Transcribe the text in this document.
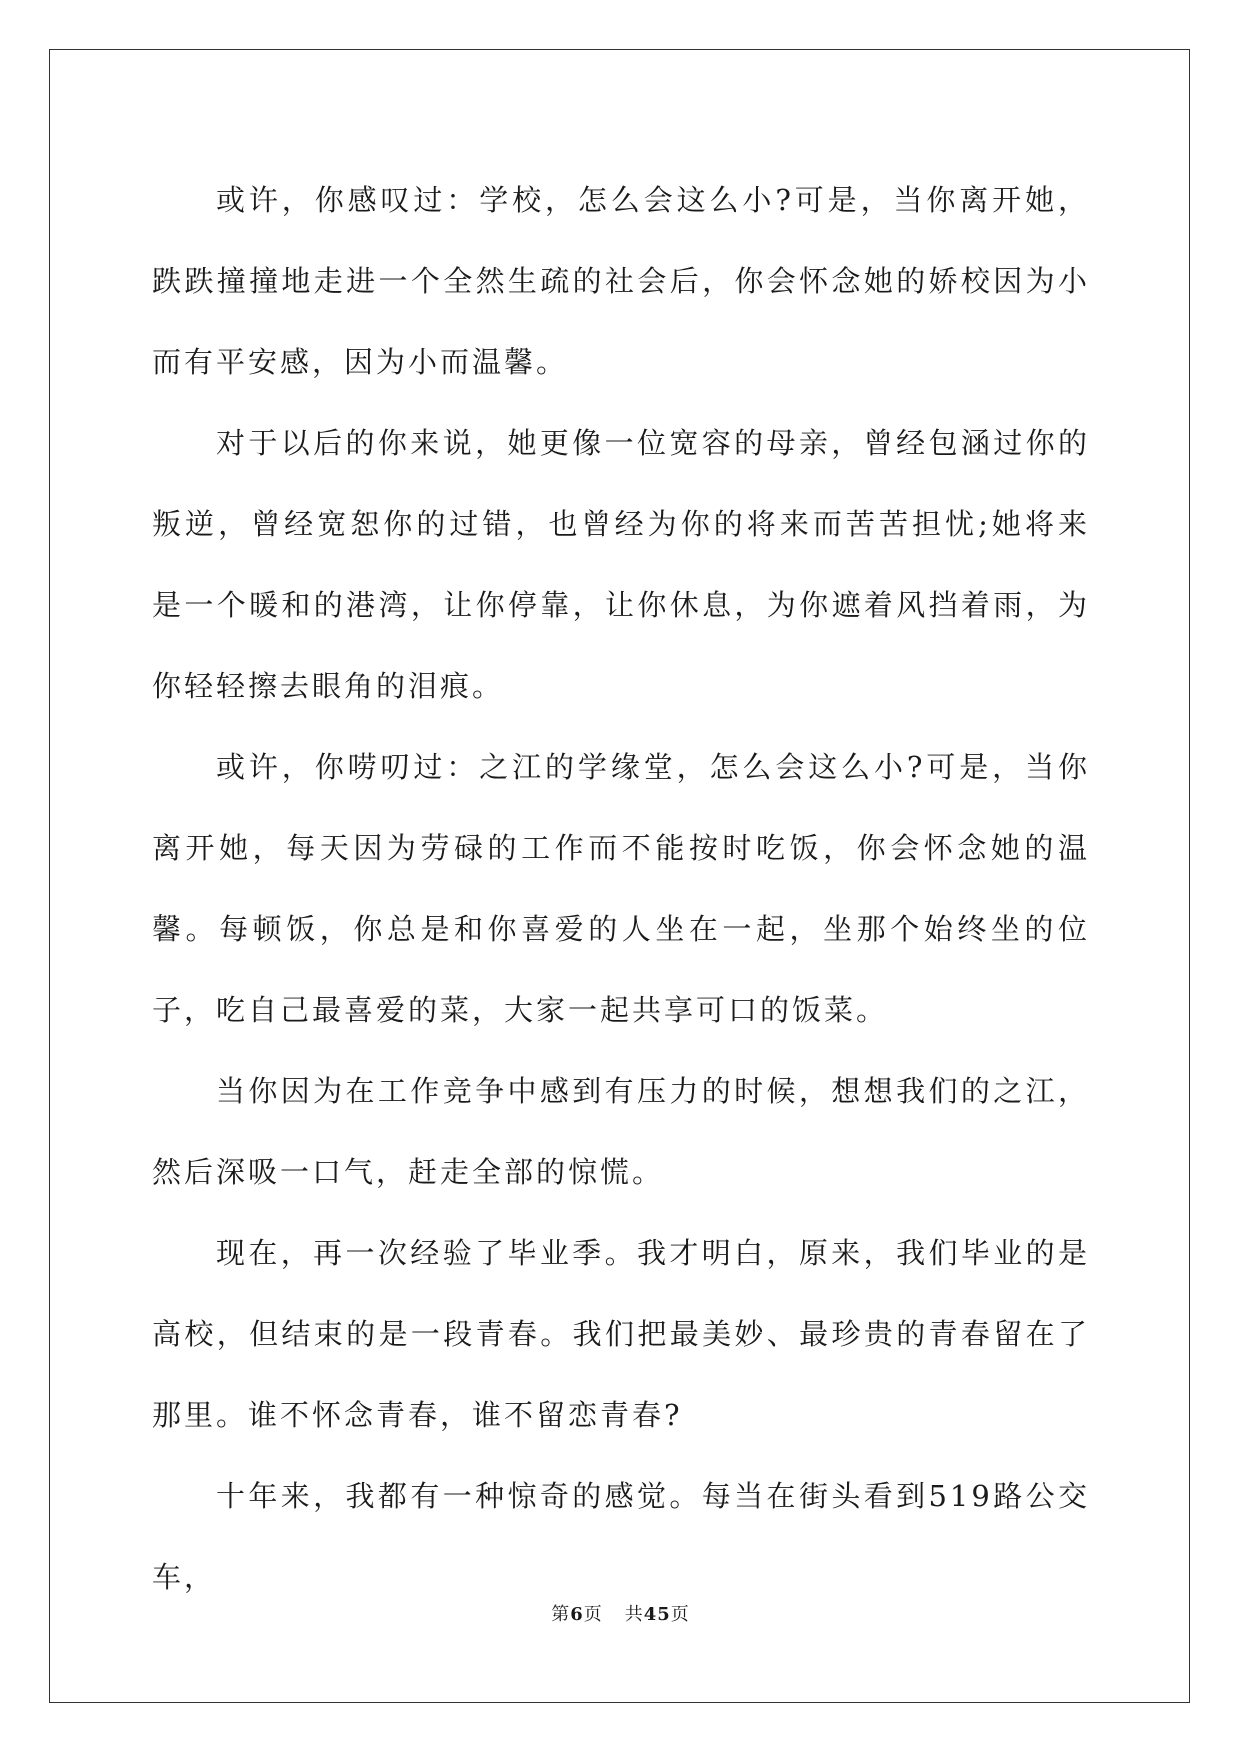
或许，你感叹过：学校，怎么会这么小?可是，当你离开她，跌跌撞撞地走进一个全然生疏的社会后，你会怀念她的娇校因为小而有平安感，因为小而温馨。

对于以后的你来说，她更像一位宽容的母亲，曾经包涵过你的叛逆，曾经宽恕你的过错，也曾经为你的将来而苦苦担忧;她将来是一个暖和的港湾，让你停靠，让你休息，为你遮着风挡着雨，为你轻轻擦去眼角的泪痕。

或许，你唠叨过：之江的学缘堂，怎么会这么小?可是，当你离开她，每天因为劳碌的工作而不能按时吃饭，你会怀念她的温馨。每顿饭，你总是和你喜爱的人坐在一起，坐那个始终坐的位子，吃自己最喜爱的菜，大家一起共享可口的饭菜。

当你因为在工作竞争中感到有压力的时候，想想我们的之江，然后深吸一口气，赶走全部的惊慌。

现在，再一次经验了毕业季。我才明白，原来，我们毕业的是高校，但结束的是一段青春。我们把最美妙、最珍贵的青春留在了那里。谁不怀念青春，谁不留恋青春?

十年来，我都有一种惊奇的感觉。每当在街头看到519路公交车，

第6页 共45页
